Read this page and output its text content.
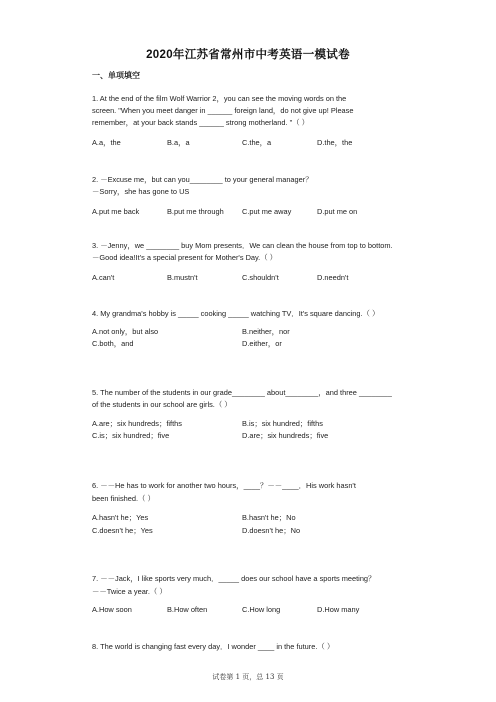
2020年江苏省常州市中考英语一模试卷
一、单项填空
1. At the end of the film Wolf Warrior 2，you can see the moving words on the
screen. "When you meet danger in ______ foreign land，do not give up! Please
remember，at your back stands ______ strong motherland. "（ ）
A.a，the	B.a，a	C.the，a	D.the，the
2. －Excuse me，but can you________ to your general manager？
－Sorry，she has gone to US
A.put me back	B.put me through C.put me away	D.put me on
3. －Jenny，we ________ buy Mom presents．We can clean the house from top to bottom.
－Good idea!It's a special present for Mother's Day.（ ）
A.can't	B.mustn't	C.shouldn't	D.needn't
4. My grandma's hobby is _____ cooking _____ watching TV．It's square dancing.（ ）
A.not only，but also	B.neither，nor
C.both，and	D.either，or
5. The number of the students in our grade________ about________，and three ________
of the students in our school are girls.（ ）
A.are；six hundreds；fifths	B.is；six hundred；fifths
C.is；six hundred；five	D.are；six hundreds；five
6. －－He has to work for another two hours，____？－－____．His work hasn't
been finished.（ ）
A.hasn't he；Yes	B.hasn't he；No
C.doesn't he；Yes	D.doesn't he；No
7. －－Jack，I like sports very much．_____ does our school have a sports meeting？
－－Twice a year.（ ）
A.How soon	B.How often	C.How long	D.How many
8. The world is changing fast every day．I wonder ____ in the future.（ ）
试卷第 1 页，总 13 页
